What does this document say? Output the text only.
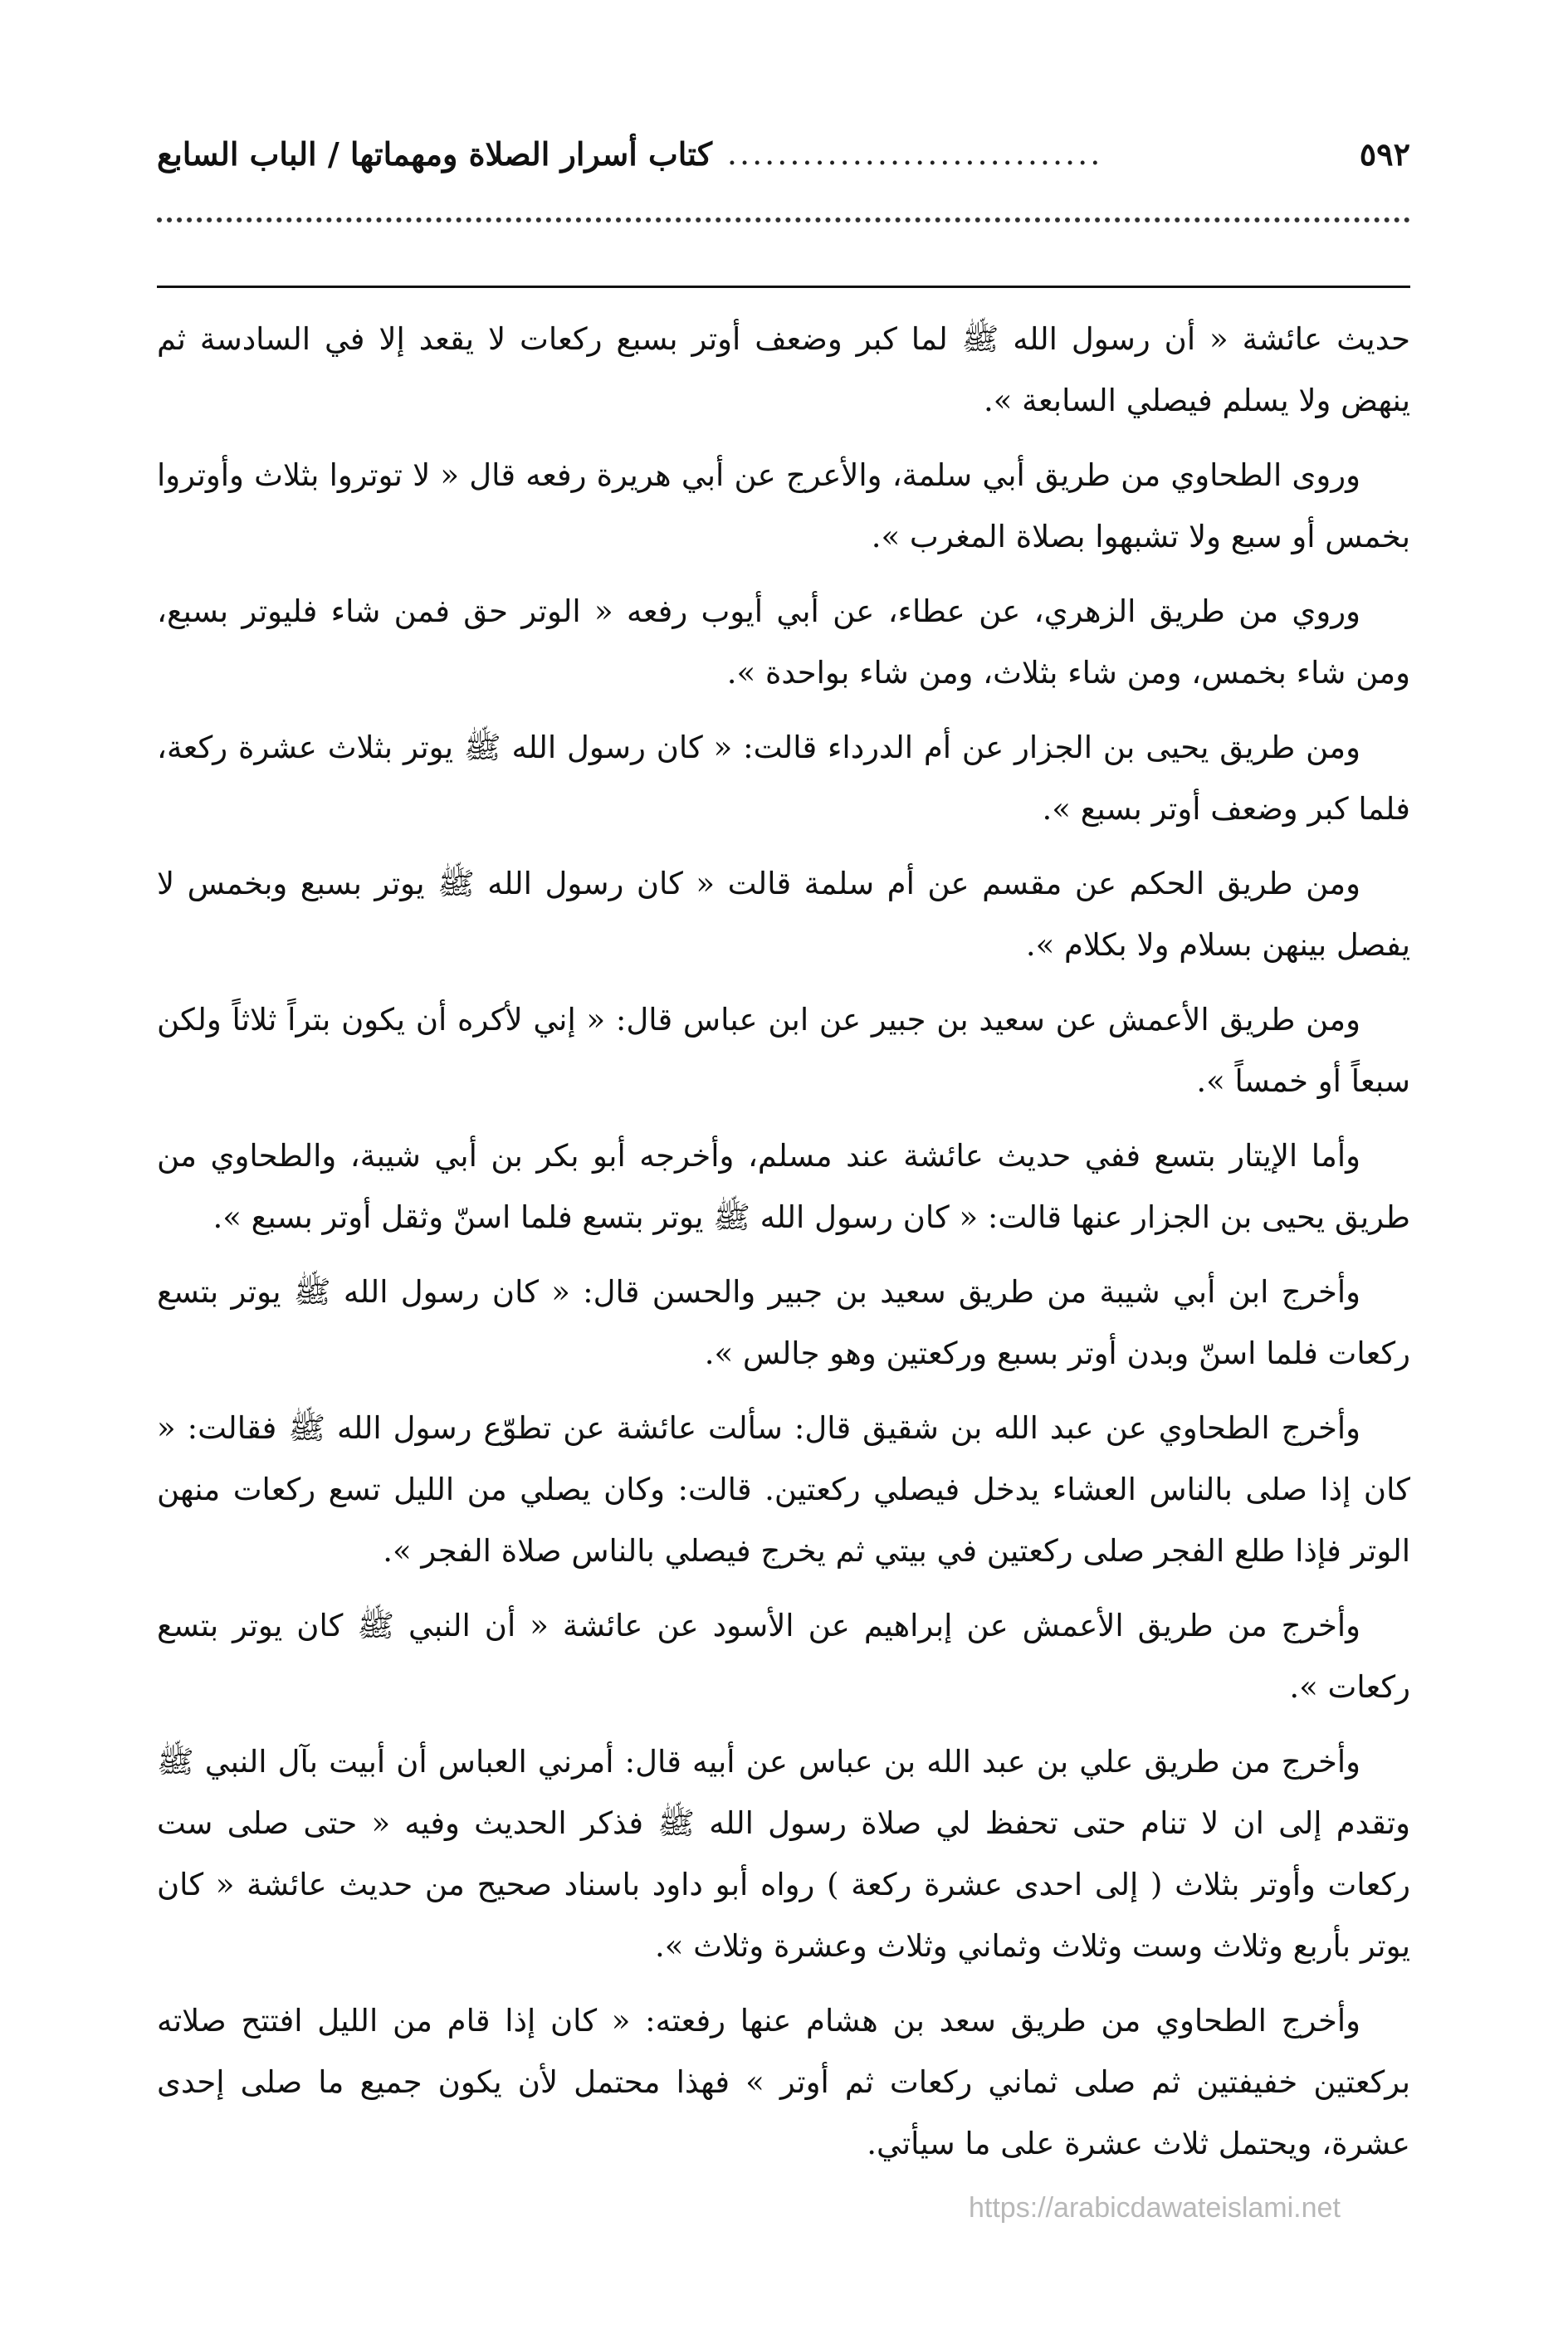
٥٩٢
..............................
كتاب أسرار الصلاة ومهماتها / الباب السابع

حديث عائشة « أن رسول الله ﷺ لما كبر وضعف أوتر بسبع ركعات لا يقعد إلا في السادسة ثم ينهض ولا يسلم فيصلي السابعة ».

وروى الطحاوي من طريق أبي سلمة، والأعرج عن أبي هريرة رفعه قال « لا توتروا بثلاث وأوتروا بخمس أو سبع ولا تشبهوا بصلاة المغرب ».

وروي من طريق الزهري، عن عطاء، عن أبي أيوب رفعه « الوتر حق فمن شاء فليوتر بسبع، ومن شاء بخمس، ومن شاء بثلاث، ومن شاء بواحدة ».

ومن طريق يحيى بن الجزار عن أم الدرداء قالت: « كان رسول الله ﷺ يوتر بثلاث عشرة ركعة، فلما كبر وضعف أوتر بسبع ».

ومن طريق الحكم عن مقسم عن أم سلمة قالت « كان رسول الله ﷺ يوتر بسبع وبخمس لا يفصل بينهن بسلام ولا بكلام ».

ومن طريق الأعمش عن سعيد بن جبير عن ابن عباس قال: « إني لأكره أن يكون بتراً ثلاثاً ولكن سبعاً أو خمساً ».

وأما الإيتار بتسع ففي حديث عائشة عند مسلم، وأخرجه أبو بكر بن أبي شيبة، والطحاوي من طريق يحيى بن الجزار عنها قالت: « كان رسول الله ﷺ يوتر بتسع فلما اسنّ وثقل أوتر بسبع ».

وأخرج ابن أبي شيبة من طريق سعيد بن جبير والحسن قال: « كان رسول الله ﷺ يوتر بتسع ركعات فلما اسنّ وبدن أوتر بسبع وركعتين وهو جالس ».

وأخرج الطحاوي عن عبد الله بن شقيق قال: سألت عائشة عن تطوّع رسول الله ﷺ فقالت: « كان إذا صلى بالناس العشاء يدخل فيصلي ركعتين. قالت: وكان يصلي من الليل تسع ركعات منهن الوتر فإذا طلع الفجر صلى ركعتين في بيتي ثم يخرج فيصلي بالناس صلاة الفجر ».

وأخرج من طريق الأعمش عن إبراهيم عن الأسود عن عائشة « أن النبي ﷺ كان يوتر بتسع ركعات ».

وأخرج من طريق علي بن عبد الله بن عباس عن أبيه قال: أمرني العباس أن أبيت بآل النبي ﷺ وتقدم إلى ان لا تنام حتى تحفظ لي صلاة رسول الله ﷺ فذكر الحديث وفيه « حتى صلى ست ركعات وأوتر بثلاث ( إلى احدى عشرة ركعة ) رواه أبو داود باسناد صحيح من حديث عائشة « كان يوتر بأربع وثلاث وست وثلاث وثماني وثلاث وعشرة وثلاث ».

وأخرج الطحاوي من طريق سعد بن هشام عنها رفعته: « كان إذا قام من الليل افتتح صلاته بركعتين خفيفتين ثم صلى ثماني ركعات ثم أوتر » فهذا محتمل لأن يكون جميع ما صلى إحدى عشرة، ويحتمل ثلاث عشرة على ما سيأتي.

https://arabicdawateislami.net
